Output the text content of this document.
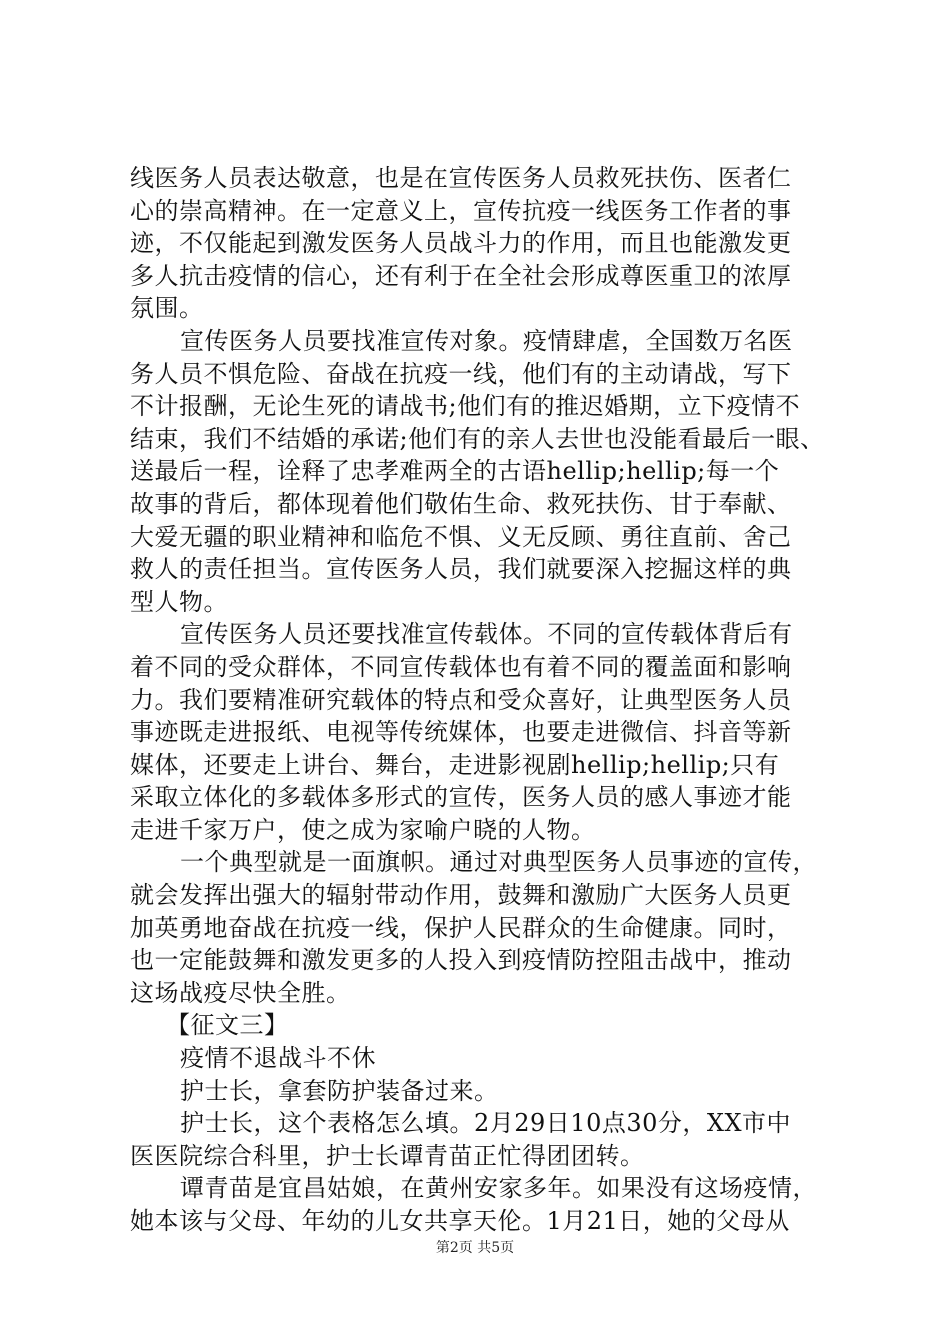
线医务人员表达敬意，也是在宣传医务人员救死扶伤、医者仁
心的崇高精神。在一定意义上，宣传抗疫一线医务工作者的事
迹，不仅能起到激发医务人员战斗力的作用，而且也能激发更
多人抗击疫情的信心，还有利于在全社会形成尊医重卫的浓厚
氛围。
宣传医务人员要找准宣传对象。疫情肆虐，全国数万名医
务人员不惧危险、奋战在抗疫一线，他们有的主动请战，写下
不计报酬，无论生死的请战书;他们有的推迟婚期，立下疫情不
结束，我们不结婚的承诺;他们有的亲人去世也没能看最后一眼、
送最后一程，诠释了忠孝难两全的古语hellip;hellip;每一个
故事的背后，都体现着他们敬佑生命、救死扶伤、甘于奉献、
大爱无疆的职业精神和临危不惧、义无反顾、勇往直前、舍己
救人的责任担当。宣传医务人员，我们就要深入挖掘这样的典
型人物。
宣传医务人员还要找准宣传载体。不同的宣传载体背后有
着不同的受众群体，不同宣传载体也有着不同的覆盖面和影响
力。我们要精准研究载体的特点和受众喜好，让典型医务人员
事迹既走进报纸、电视等传统媒体，也要走进微信、抖音等新
媒体，还要走上讲台、舞台，走进影视剧hellip;hellip;只有
采取立体化的多载体多形式的宣传，医务人员的感人事迹才能
走进千家万户，使之成为家喻户晓的人物。
一个典型就是一面旗帜。通过对典型医务人员事迹的宣传，
就会发挥出强大的辐射带动作用，鼓舞和激励广大医务人员更
加英勇地奋战在抗疫一线，保护人民群众的生命健康。同时，
也一定能鼓舞和激发更多的人投入到疫情防控阻击战中，推动
这场战疫尽快全胜。
【征文三】
疫情不退战斗不休
护士长，拿套防护装备过来。
护士长，这个表格怎么填。2月29日10点30分，XX市中
医医院综合科里，护士长谭青苗正忙得团团转。
谭青苗是宜昌姑娘，在黄州安家多年。如果没有这场疫情，
她本该与父母、年幼的儿女共享天伦。1月21日，她的父母从
第2页 共5页
